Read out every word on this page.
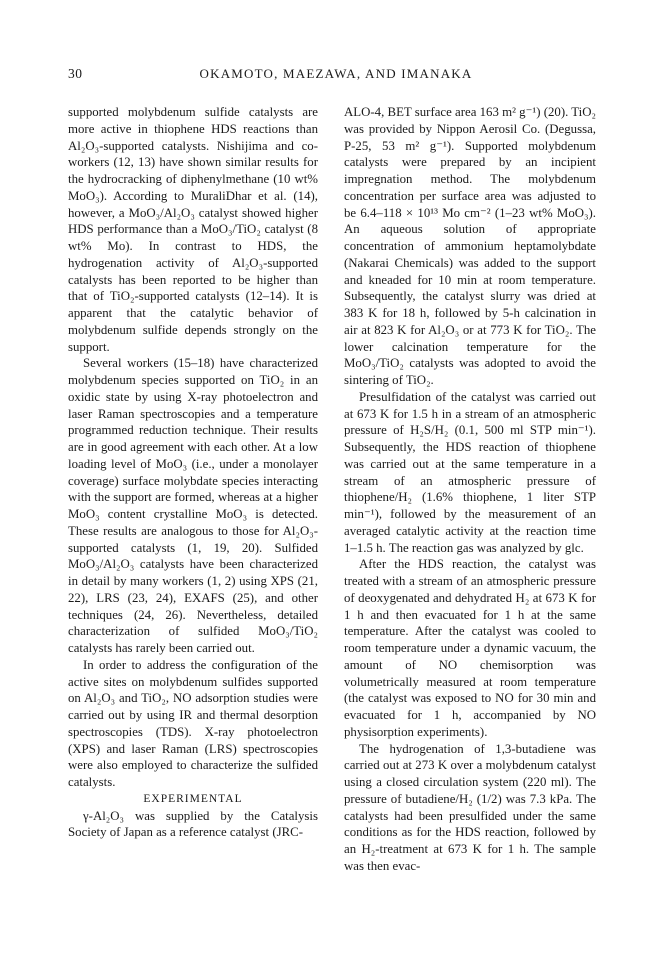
30	OKAMOTO, MAEZAWA, AND IMANAKA

supported molybdenum sulfide catalysts are more active in thiophene HDS reactions than Al₂O₃-supported catalysts. Nishijima and co-workers (12, 13) have shown similar results for the hydrocracking of diphenylmethane (10 wt% MoO₃). According to MuraliDhar et al. (14), however, a MoO₃/Al₂O₃ catalyst showed higher HDS performance than a MoO₃/TiO₂ catalyst (8 wt% Mo). In contrast to HDS, the hydrogenation activity of Al₂O₃-supported catalysts has been reported to be higher than that of TiO₂-supported catalysts (12–14). It is apparent that the catalytic behavior of molybdenum sulfide depends strongly on the support.

Several workers (15–18) have characterized molybdenum species supported on TiO₂ in an oxidic state by using X-ray photoelectron and laser Raman spectroscopies and a temperature programmed reduction technique. Their results are in good agreement with each other. At a low loading level of MoO₃ (i.e., under a monolayer coverage) surface molybdate species interacting with the support are formed, whereas at a higher MoO₃ content crystalline MoO₃ is detected. These results are analogous to those for Al₂O₃-supported catalysts (1, 19, 20). Sulfided MoO₃/Al₂O₃ catalysts have been characterized in detail by many workers (1, 2) using XPS (21, 22), LRS (23, 24), EXAFS (25), and other techniques (24, 26). Nevertheless, detailed characterization of sulfided MoO₃/TiO₂ catalysts has rarely been carried out.

In order to address the configuration of the active sites on molybdenum sulfides supported on Al₂O₃ and TiO₂, NO adsorption studies were carried out by using IR and thermal desorption spectroscopies (TDS). X-ray photoelectron (XPS) and laser Raman (LRS) spectroscopies were also employed to characterize the sulfided catalysts.

EXPERIMENTAL

γ-Al₂O₃ was supplied by the Catalysis Society of Japan as a reference catalyst (JRC-

ALO-4, BET surface area 163 m² g⁻¹) (20). TiO₂ was provided by Nippon Aerosil Co. (Degussa, P-25, 53 m² g⁻¹). Supported molybdenum catalysts were prepared by an incipient impregnation method. The molybdenum concentration per surface area was adjusted to be 6.4–118 × 10¹³ Mo cm⁻² (1–23 wt% MoO₃). An aqueous solution of appropriate concentration of ammonium heptamolybdate (Nakarai Chemicals) was added to the support and kneaded for 10 min at room temperature. Subsequently, the catalyst slurry was dried at 383 K for 18 h, followed by 5-h calcination in air at 823 K for Al₂O₃ or at 773 K for TiO₂. The lower calcination temperature for the MoO₃/TiO₂ catalysts was adopted to avoid the sintering of TiO₂.

Presulfidation of the catalyst was carried out at 673 K for 1.5 h in a stream of an atmospheric pressure of H₂S/H₂ (0.1, 500 ml STP min⁻¹). Subsequently, the HDS reaction of thiophene was carried out at the same temperature in a stream of an atmospheric pressure of thiophene/H₂ (1.6% thiophene, 1 liter STP min⁻¹), followed by the measurement of an averaged catalytic activity at the reaction time 1–1.5 h. The reaction gas was analyzed by glc.

After the HDS reaction, the catalyst was treated with a stream of an atmospheric pressure of deoxygenated and dehydrated H₂ at 673 K for 1 h and then evacuated for 1 h at the same temperature. After the catalyst was cooled to room temperature under a dynamic vacuum, the amount of NO chemisorption was volumetrically measured at room temperature (the catalyst was exposed to NO for 30 min and evacuated for 1 h, accompanied by NO physisorption experiments).

The hydrogenation of 1,3-butadiene was carried out at 273 K over a molybdenum catalyst using a closed circulation system (220 ml). The pressure of butadiene/H₂ (1/2) was 7.3 kPa. The catalysts had been presulfided under the same conditions as for the HDS reaction, followed by an H₂-treatment at 673 K for 1 h. The sample was then evac-
